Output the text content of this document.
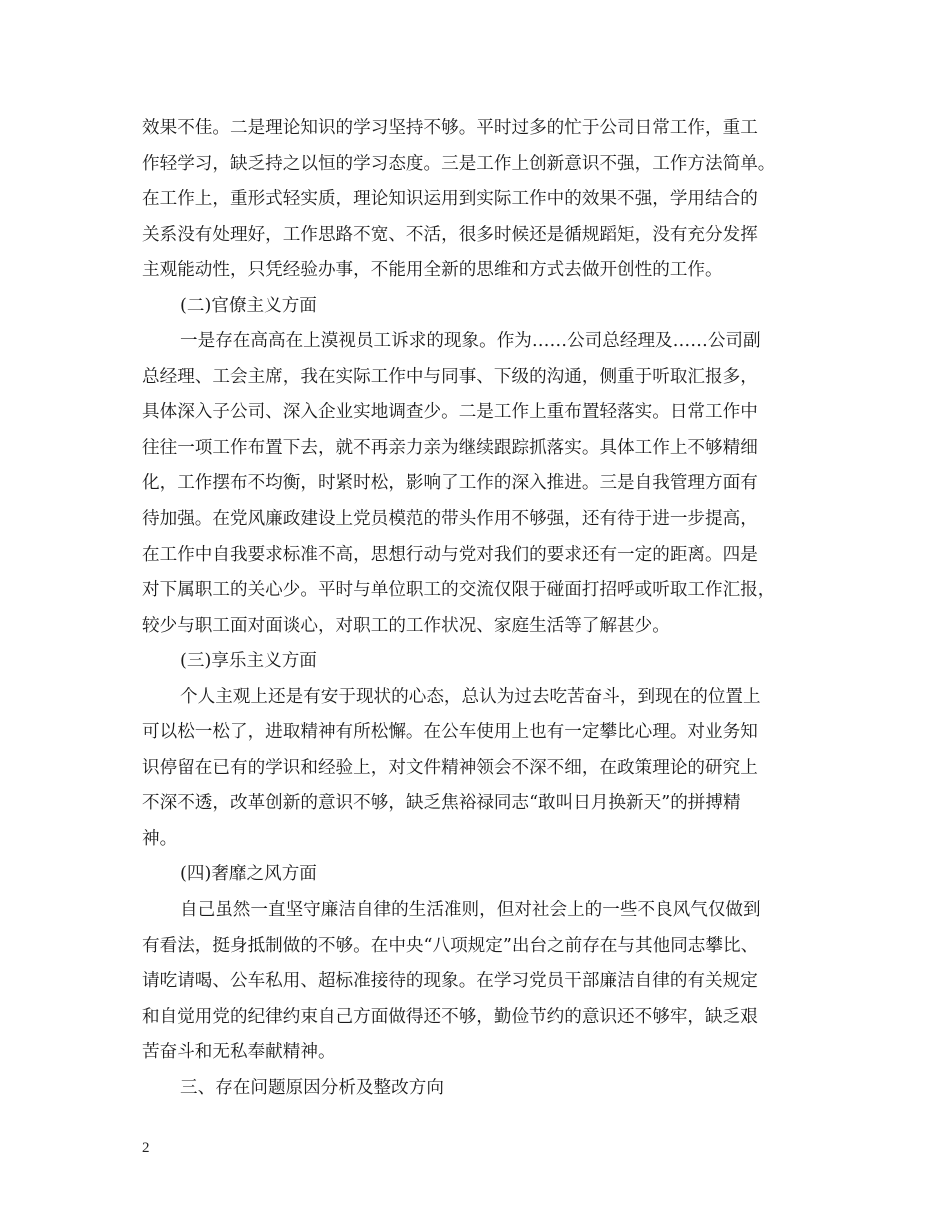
效果不佳。二是理论知识的学习坚持不够。平时过多的忙于公司日常工作，重工
作轻学习，缺乏持之以恒的学习态度。三是工作上创新意识不强，工作方法简单。
在工作上，重形式轻实质，理论知识运用到实际工作中的效果不强，学用结合的
关系没有处理好，工作思路不宽、不活，很多时候还是循规蹈矩，没有充分发挥
主观能动性，只凭经验办事，不能用全新的思维和方式去做开创性的工作。
(二)官僚主义方面
一是存在高高在上漠视员工诉求的现象。作为……公司总经理及……公司副
总经理、工会主席，我在实际工作中与同事、下级的沟通，侧重于听取汇报多，
具体深入子公司、深入企业实地调查少。二是工作上重布置轻落实。日常工作中
往往一项工作布置下去，就不再亲力亲为继续跟踪抓落实。具体工作上不够精细
化，工作摆布不均衡，时紧时松，影响了工作的深入推进。三是自我管理方面有
待加强。在党风廉政建设上党员模范的带头作用不够强，还有待于进一步提高，
在工作中自我要求标准不高，思想行动与党对我们的要求还有一定的距离。四是
对下属职工的关心少。平时与单位职工的交流仅限于碰面打招呼或听取工作汇报，
较少与职工面对面谈心，对职工的工作状况、家庭生活等了解甚少。
(三)享乐主义方面
个人主观上还是有安于现状的心态，总认为过去吃苦奋斗，到现在的位置上
可以松一松了，进取精神有所松懈。在公车使用上也有一定攀比心理。对业务知
识停留在已有的学识和经验上，对文件精神领会不深不细，在政策理论的研究上
不深不透，改革创新的意识不够，缺乏焦裕禄同志“敢叫日月换新天”的拼搏精
神。
(四)奢靡之风方面
自己虽然一直坚守廉洁自律的生活准则，但对社会上的一些不良风气仅做到
有看法，挺身抵制做的不够。在中央“八项规定”出台之前存在与其他同志攀比、
请吃请喝、公车私用、超标准接待的现象。在学习党员干部廉洁自律的有关规定
和自觉用党的纪律约束自己方面做得还不够，勤俭节约的意识还不够牢，缺乏艰
苦奋斗和无私奉献精神。
三、存在问题原因分析及整改方向
2
